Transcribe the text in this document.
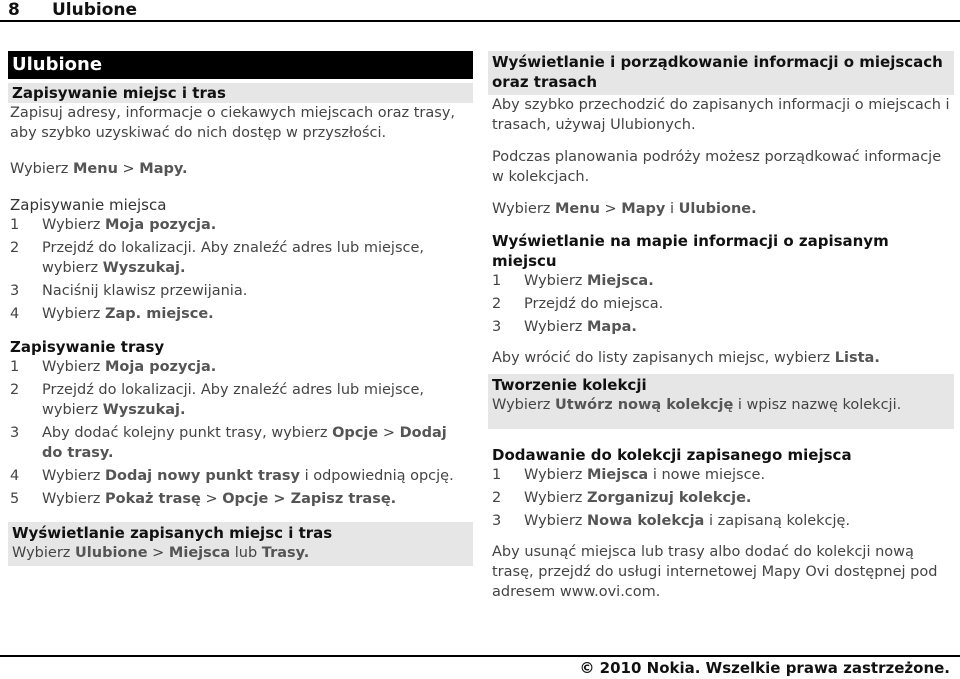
8 Ulubione
Ulubione
Zapisywanie miejsc i tras

Zapisuj adresy, informacje o ciekawych miejscach oraz trasy, aby szybko uzyskiwać do nich dostęp w przyszłości.

Wybierz Menu > Mapy.

Zapisywanie miejsca

1 Wybierz Moja pozycja.
2 Przejdź do lokalizacji. Aby znaleźć adres lub miejsce, wybierz Wyszukaj.
3 Naciśnij klawisz przewijania.
4 Wybierz Zap. miejsce.

Zapisywanie trasy

1 Wybierz Moja pozycja.
2 Przejdź do lokalizacji. Aby znaleźć adres lub miejsce, wybierz Wyszukaj.
3 Aby dodać kolejny punkt trasy, wybierz Opcje > Dodaj do trasy.
4 Wybierz Dodaj nowy punkt trasy i odpowiednią opcję.
5 Wybierz Pokaż trasę > Opcje > Zapisz trasę.

Wyświetlanie zapisanych miejsc i tras

Wybierz Ulubione > Miejsca lub Trasy.

Wyświetlanie i porządkowanie informacji o miejscach oraz trasach

Aby szybko przechodzić do zapisanych informacji o miejscach i trasach, używaj Ulubionych.

Podczas planowania podróży możesz porządkować informacje w kolekcjach.

Wybierz Menu > Mapy i Ulubione.

Wyświetlanie na mapie informacji o zapisanym miejscu

1 Wybierz Miejsca.
2 Przejdź do miejsca.
3 Wybierz Mapa.

Aby wrócić do listy zapisanych miejsc, wybierz Lista.

Tworzenie kolekcji

Wybierz Utwórz nową kolekcję i wpisz nazwę kolekcji.

Dodawanie do kolekcji zapisanego miejsca

1 Wybierz Miejsca i nowe miejsce.
2 Wybierz Zorganizuj kolekcje.
3 Wybierz Nowa kolekcja i zapisaną kolekcję.

Aby usunąć miejsca lub trasy albo dodać do kolekcji nową trasę, przejdź do usługi internetowej Mapy Ovi dostępnej pod adresem www.ovi.com.

© 2010 Nokia. Wszelkie prawa zastrzeżone.
